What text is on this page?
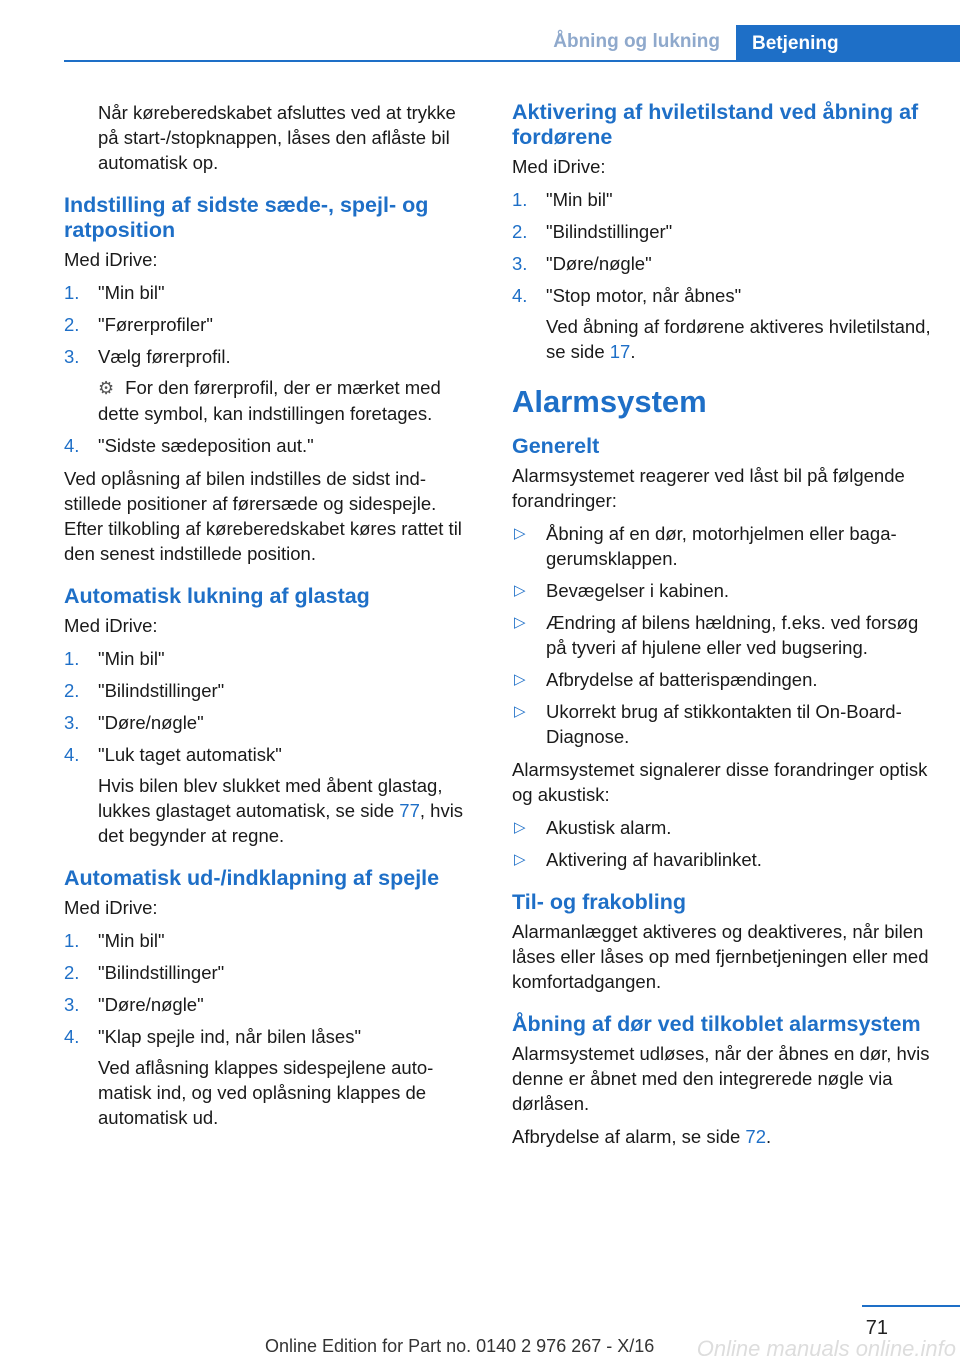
Åbning og lukning	Betjening

Når køreberedskabet afsluttes ved at trykke på start-/stopknappen, låses den aflåste bil automatisk op.

Indstilling af sidste sæde-, spejl- og ratposition

Med iDrive:

1. "Min bil"
2. "Førerprofiler"
3. Vælg førerprofil.
⚙ For den førerprofil, der er mærket med dette symbol, kan indstillingen foretages.
4. "Sidste sædeposition aut."

Ved oplåsning af bilen indstilles de sidst indstillede positioner af førersæde og sidespejle. Efter tilkobling af køreberedskabet køres rattet til den senest indstillede position.

Automatisk lukning af glastag

Med iDrive:

1. "Min bil"
2. "Bilindstillinger"
3. "Døre/nøgle"
4. "Luk taget automatisk"
Hvis bilen blev slukket med åbent glastag, lukkes glastaget automatisk, se side 77, hvis det begynder at regne.
Automatisk ud-/indklapning af spejle

Med iDrive:

1. "Min bil"
2. "Bilindstillinger"
3. "Døre/nøgle"
4. "Klap spejle ind, når bilen låses"
Ved aflåsning klappes sidespejlene automatisk ind, og ved oplåsning klappes de automatisk ud.
Aktivering af hviletilstand ved åbning af fordørene

Med iDrive:

1. "Min bil"
2. "Bilindstillinger"
3. "Døre/nøgle"
4. "Stop motor, når åbnes"
Ved åbning af fordørene aktiveres hviletilstand, se side 17.
Alarmsystem
Generelt

Alarmsystemet reagerer ved låst bil på følgende forandringer:

▷ Åbning af en dør, motorhjelmen eller bagagerumsklappen.
▷ Bevægelser i kabinen.
▷ Ændring af bilens hældning, f.eks. ved forsøg på tyveri af hjulene eller ved bugsering.
▷ Afbrydelse af batterispændingen.
▷ Ukorrekt brug af stikkontakten til On-Board-Diagnose.

Alarmsystemet signalerer disse forandringer optisk og akustisk:

▷ Akustisk alarm.
▷ Aktivering af havariblinket.
Til- og frakobling

Alarmanlægget aktiveres og deaktiveres, når bilen låses eller låses op med fjernbetjeningen eller med komfortadgangen.

Åbning af dør ved tilkoblet alarmsystem

Alarmsystemet udløses, når der åbnes en dør, hvis denne er åbnet med den integrerede nøgle via dørlåsen.

Afbrydelse af alarm, se side 72.

71
Online Edition for Part no. 0140 2 976 267 - X/16 Online manuals online.info
